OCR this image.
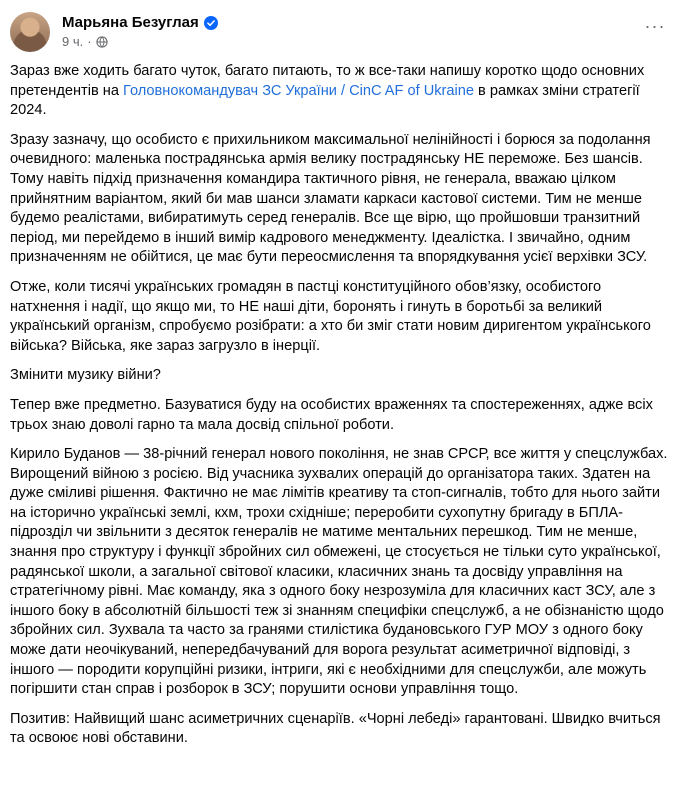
Марьяна Безуглая
9 ч. ·
···

Зараз вже ходить багато чуток, багато питають, то ж все-таки напишу коротко щодо основних претендентів на Головнокомандувач ЗС України / CinC AF of Ukraine в рамках зміни стратегії 2024.

Зразу зазначу, що особисто є прихильником максимальної нелінійності і борюся за подолання очевидного: маленька пострадянська армія велику пострадянську НЕ переможе. Без шансів. Тому навіть підхід призначення командира тактичного рівня, не генерала, вважаю цілком прийнятним варіантом, який би мав шанси зламати каркаси кастової системи. Тим не менше будемо реалістами, вибиратимуть серед генералів. Все ще вірю, що пройшовши транзитний період, ми перейдемо в інший вимір кадрового менеджменту. Ідеалістка. І звичайно, одним призначенням не обійтися, це має бути переосмислення та впорядкування усієї верхівки ЗСУ.

Отже, коли тисячі українських громадян в пастці конституційного обов’язку, особистого натхнення і надії, що якщо ми, то НЕ наші діти, боронять і гинуть в боротьбі за великий український організм, спробуємо розібрати: а хто би зміг стати новим диригентом українського війська? Війська, яке зараз загрузло в інерції.

Змінити музику війни?

Тепер вже предметно. Базуватися буду на особистих враженнях та спостереженнях, адже всіх трьох знаю доволі гарно та мала досвід спільної роботи.

Кирило Буданов — 38-річний генерал нового покоління, не знав СРСР, все життя у спецслужбах. Вирощений війною з росією. Від учасника зухвалих операцій до організатора таких. Здатен на дуже сміливі рішення. Фактично не має лімітів креативу та стоп-сигналів, тобто для нього зайти на історично українські землі, кхм, трохи східніше; переробити сухопутну бригаду в БПЛА-підрозділ чи звільнити з десяток генералів не матиме ментальних перешкод. Тим не менше, знання про структуру і функції збройних сил обмежені, це стосується не тільки суто української, радянської школи, а загальної світової класики, класичних знань та досвіду управління на стратегічному рівні. Має команду, яка з одного боку незрозуміла для класичних каст ЗСУ, але з іншого боку в абсолютній більшості теж зі знанням специфіки спецслужб, а не обізнаністю щодо збройних сил. Зухвала та часто за гранями стилістика будановського ГУР МОУ з одного боку може дати неочікуваний, непередбачуваний для ворога результат асиметричної відповіді, з іншого — породити корупційні ризики, інтриги, які є необхідними для спецслужби, але можуть погіршити стан справ і розборок в ЗСУ; порушити основи управління тощо.

Позитив: Найвищий шанс асиметричних сценаріїв. «Чорні лебеді» гарантовані. Швидко вчиться та освоює нові обставини.
